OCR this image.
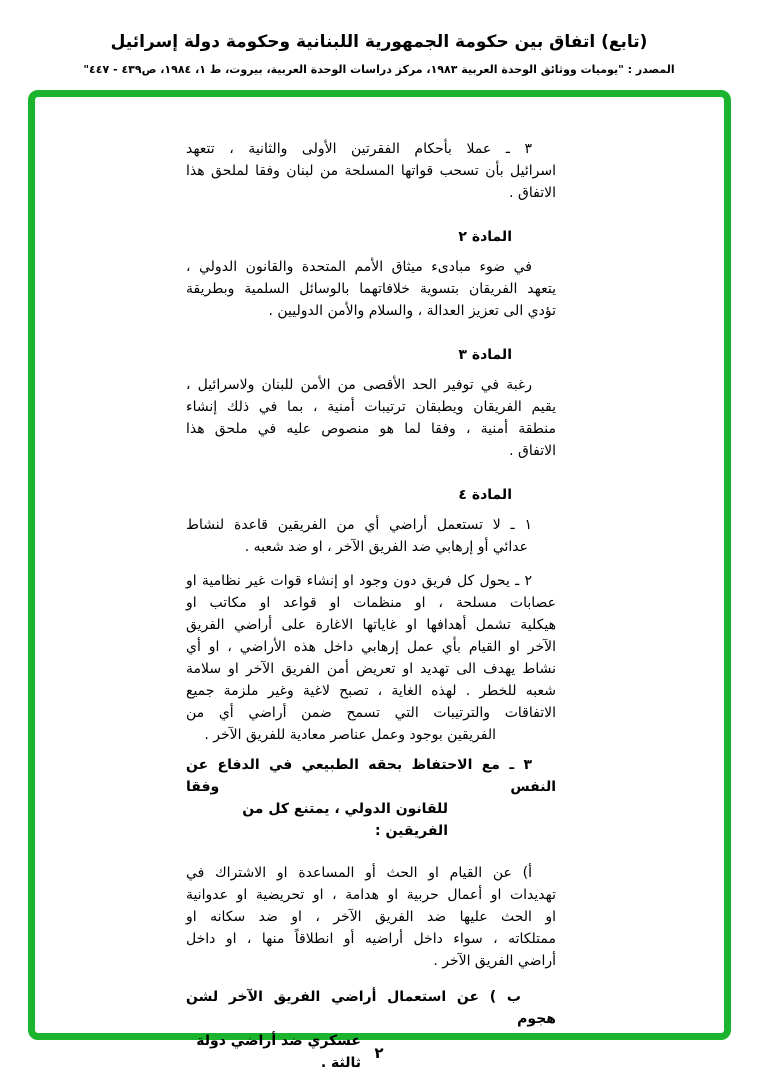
(تابع) اتفاق بين حكومة الجمهورية اللبنانية وحكومة دولة إسرائيل
المصدر : "يوميات ووثائق الوحدة العربية ١٩٨٣، مركز دراسات الوحدة العربية، بيروت، ط ١، ١٩٨٤، ص٤٣٩ - ٤٤٧"
٣ ـ عملا بأحكام الفقرتين الأولى والثانية ، تتعهد
اسرائيل بأن تسحب قواتها المسلحة من لبنان وفقا لملحق هذا
الاتفاق .
المادة ٢
في ضوء مبادىء ميثاق الأمم المتحدة والقانون الدولي ،
يتعهد الفريقان بتسوية خلافاتهما بالوسائل السلمية وبطريقة
تؤدي الى تعزيز العدالة ، والسلام والأمن الدوليين .
المادة ٣
رغبة في توفير الحد الأقصى من الأمن للبنان ولاسرائيل ،
يقيم الفريقان ويطبقان ترتيبات أمنية ، بما في ذلك إنشاء
منطقة أمنية ، وفقا لما هو منصوص عليه في ملحق هذا
الاتفاق .
المادة ٤
١ ـ لا تستعمل أراضي أي من الفريقين قاعدة لنشاط
عدائي أو إرهابي ضد الفريق الآخر ، او ضد شعبه .
٢ ـ يحول كل فريق دون وجود او إنشاء قوات غير نظامية او
عصابات مسلحة ، او منظمات او قواعد او مكاتب او
هيكلية تشمل أهدافها او غاياتها الاغارة على أراضي الفريق
الآخر او القيام بأي عمل إرهابي داخل هذه الأراضي ، او أي
نشاط يهدف الى تهديد او تعريض أمن الفريق الآخر او سلامة
شعبه للخطر . لهذه الغاية ، تصبح لاغية وغير ملزمة جميع
الاتفاقات والترتيبات التي تسمح ضمن أراضي أي من
الفريقين بوجود وعمل عناصر معادية للفريق الآخر .
٣ ـ مع الاحتفاظ بحقه الطبيعي في الدفاع عن النفس وفقا
للقانون الدولي ، يمتنع كل من الفريقين :
أ) عن القيام او الحث أو المساعدة او الاشتراك في
تهديدات او أعمال حربية او هدامة ، او تحريضية او عدوانية
او الحث عليها ضد الفريق الآخر ، او ضد سكانه او
ممتلكاته ، سواء داخل أراضيه أو انطلاقاً منها ، او داخل
أراضي الفريق الآخر .
ب ) عن استعمال أراضي الفريق الآخر لشن هجوم
عسكري ضد أراضي دولة ثالثة .
٢
